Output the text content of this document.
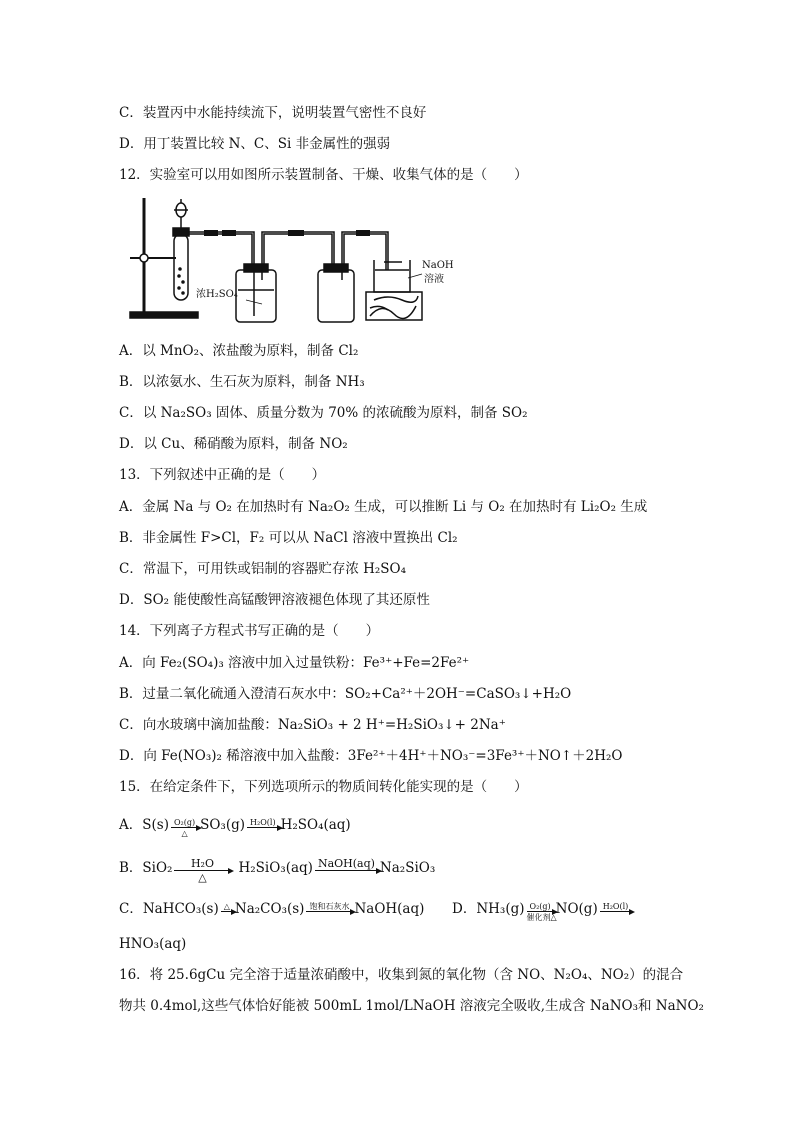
C．装置丙中水能持续流下，说明装置气密性不良好
D．用丁装置比较 N、C、Si 非金属性的强弱
12．实验室可以用如图所示装置制备、干燥、收集气体的是（　　）
浓H₂SO₄
NaOH
溶液
A．以 MnO₂、浓盐酸为原料，制备 Cl₂
B．以浓氨水、生石灰为原料，制备 NH₃
C．以 Na₂SO₃ 固体、质量分数为 70% 的浓硫酸为原料，制备 SO₂
D．以 Cu、稀硝酸为原料，制备 NO₂
13．下列叙述中正确的是（　　）
A．金属 Na 与 O₂ 在加热时有 Na₂O₂ 生成，可以推断 Li 与 O₂ 在加热时有 Li₂O₂ 生成
B．非金属性 F>Cl，F₂ 可以从 NaCl 溶液中置换出 Cl₂
C．常温下，可用铁或铝制的容器贮存浓 H₂SO₄
D．SO₂ 能使酸性高锰酸钾溶液褪色体现了其还原性
14．下列离子方程式书写正确的是（　　）
A．向 Fe₂(SO₄)₃ 溶液中加入过量铁粉：Fe³⁺+Fe=2Fe²⁺
B．过量二氧化硫通入澄清石灰水中：SO₂+Ca²⁺＋2OH⁻=CaSO₃↓+H₂O
C．向水玻璃中滴加盐酸：Na₂SiO₃ + 2 H⁺=H₂SiO₃↓+ 2Na⁺
D．向 Fe(NO₃)₂ 稀溶液中加入盐酸：3Fe²⁺＋4H⁺＋NO₃⁻=3Fe³⁺＋NO↑＋2H₂O
15．在给定条件下，下列选项所示的物质间转化能实现的是（　　）
A．S(s) O₂(g)
△
SO₃(g) H₂O(l) H₂SO₄(aq)
B．SiO₂ H₂O
△
H₂SiO₃(aq) NaOH(aq) Na₂SiO₃
C．NaHCO₃(s) △ Na₂CO₃(s) 饱和石灰水 NaOH(aq) D．NH₃(g) O₂(g)
催化剂△
NO(g) H₂O(l)
HNO₃(aq)
16．将 25.6gCu 完全溶于适量浓硝酸中，收集到氮的氧化物（含 NO、N₂O₄、NO₂）的混合
物共 0.4mol,这些气体恰好能被 500mL 1mol/LNaOH 溶液完全吸收,生成含 NaNO₃和 NaNO₂
